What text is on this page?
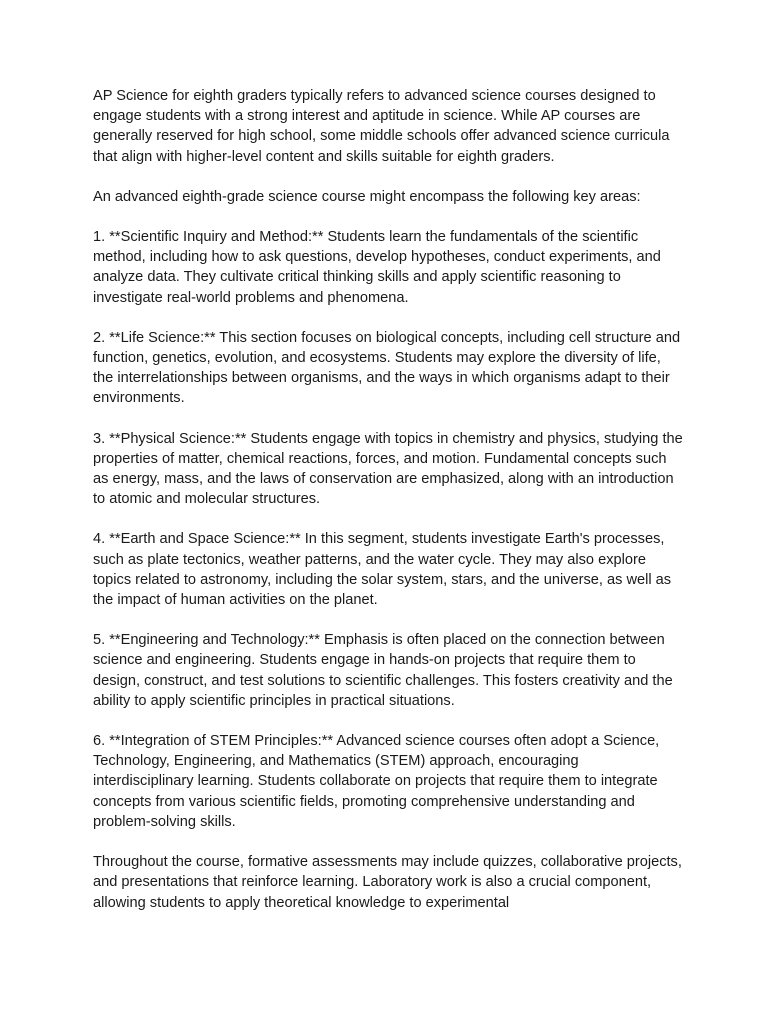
AP Science for eighth graders typically refers to advanced science courses designed to engage students with a strong interest and aptitude in science. While AP courses are generally reserved for high school, some middle schools offer advanced science curricula that align with higher-level content and skills suitable for eighth graders.

An advanced eighth-grade science course might encompass the following key areas:

1. **Scientific Inquiry and Method:** Students learn the fundamentals of the scientific method, including how to ask questions, develop hypotheses, conduct experiments, and analyze data. They cultivate critical thinking skills and apply scientific reasoning to investigate real-world problems and phenomena.

2. **Life Science:** This section focuses on biological concepts, including cell structure and function, genetics, evolution, and ecosystems. Students may explore the diversity of life, the interrelationships between organisms, and the ways in which organisms adapt to their environments.

3. **Physical Science:** Students engage with topics in chemistry and physics, studying the properties of matter, chemical reactions, forces, and motion. Fundamental concepts such as energy, mass, and the laws of conservation are emphasized, along with an introduction to atomic and molecular structures.

4. **Earth and Space Science:** In this segment, students investigate Earth's processes, such as plate tectonics, weather patterns, and the water cycle. They may also explore topics related to astronomy, including the solar system, stars, and the universe, as well as the impact of human activities on the planet.

5. **Engineering and Technology:** Emphasis is often placed on the connection between science and engineering. Students engage in hands-on projects that require them to design, construct, and test solutions to scientific challenges. This fosters creativity and the ability to apply scientific principles in practical situations.

6. **Integration of STEM Principles:** Advanced science courses often adopt a Science, Technology, Engineering, and Mathematics (STEM) approach, encouraging interdisciplinary learning. Students collaborate on projects that require them to integrate concepts from various scientific fields, promoting comprehensive understanding and problem-solving skills.

Throughout the course, formative assessments may include quizzes, collaborative projects, and presentations that reinforce learning. Laboratory work is also a crucial component, allowing students to apply theoretical knowledge to experimental
